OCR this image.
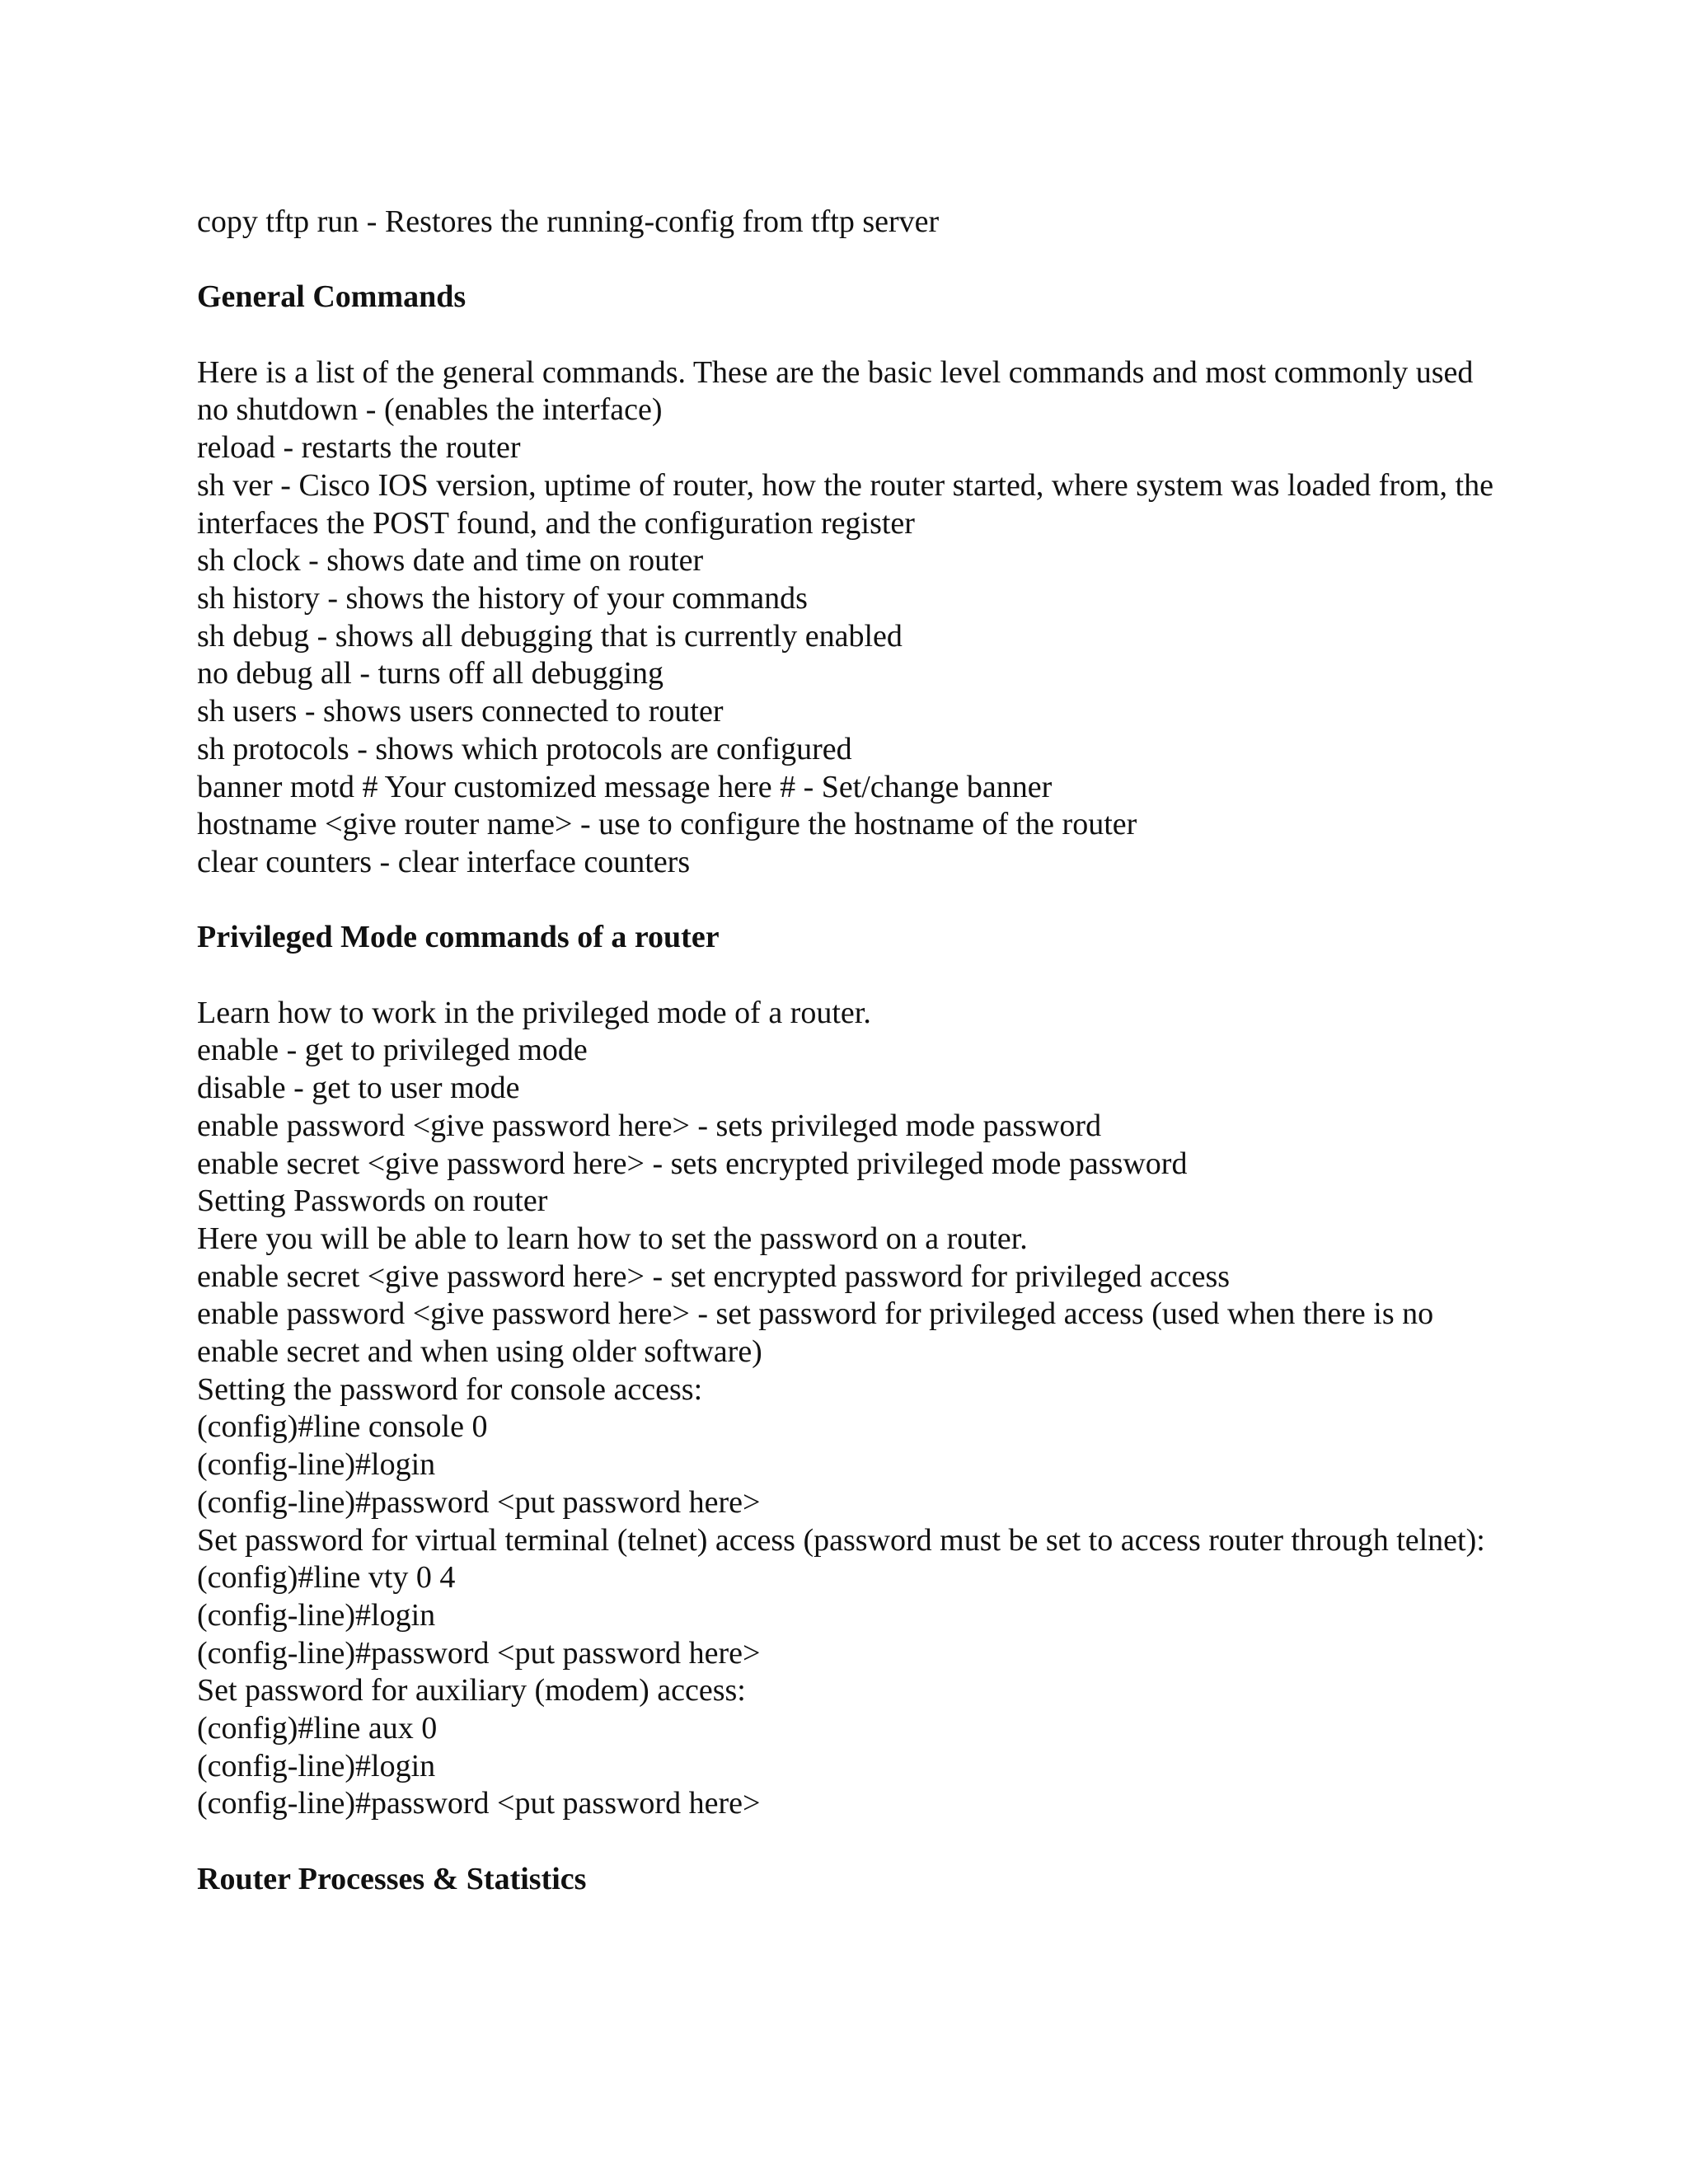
copy tftp run - Restores the running-config from tftp server
General Commands
Here is a list of the general commands. These are the basic level commands and most commonly used
no shutdown - (enables the interface)
reload - restarts the router
sh ver - Cisco IOS version, uptime of router, how the router started, where system was loaded from, the
interfaces the POST found, and the configuration register
sh clock - shows date and time on router
sh history - shows the history of your commands
sh debug - shows all debugging that is currently enabled
no debug all - turns off all debugging
sh users - shows users connected to router
sh protocols - shows which protocols are configured
banner motd # Your customized message here # - Set/change banner
hostname <give router name> - use to configure the hostname of the router
clear counters - clear interface counters
Privileged Mode commands of a router
Learn how to work in the privileged mode of a router.
enable - get to privileged mode
disable - get to user mode
enable password <give password here> - sets privileged mode password
enable secret <give password here> - sets encrypted privileged mode password
Setting Passwords on router
Here you will be able to learn how to set the password on a router.
enable secret <give password here> - set encrypted password for privileged access
enable password <give password here> - set password for privileged access (used when there is no
enable secret and when using older software)
Setting the password for console access:
(config)#line console 0
(config-line)#login
(config-line)#password <put password here>
Set password for virtual terminal (telnet) access (password must be set to access router through telnet):
(config)#line vty 0 4
(config-line)#login
(config-line)#password <put password here>
Set password for auxiliary (modem) access:
(config)#line aux 0
(config-line)#login
(config-line)#password <put password here>
Router Processes & Statistics
